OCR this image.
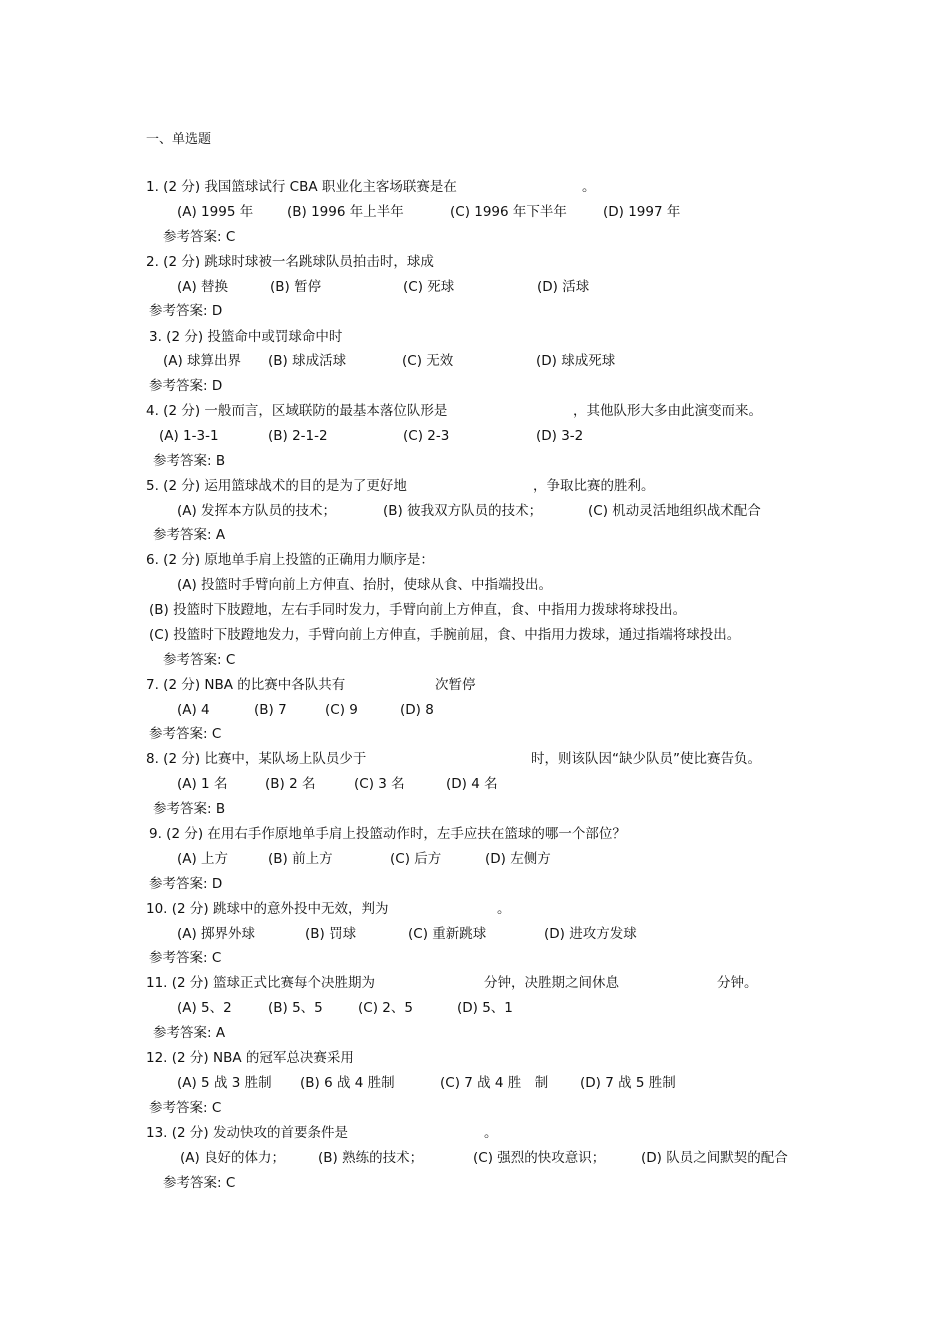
一、单选题
1. (2 分) 我国篮球试行 CBA 职业化主客场联赛是在	。
(A) 1995 年	(B) 1996 年上半年	(C) 1996 年下半年	(D) 1997 年
参考答案: C
2. (2 分) 跳球时球被一名跳球队员拍击时，球成
(A) 替换	(B) 暂停	(C) 死球	(D) 活球
参考答案: D
3. (2 分) 投篮命中或罚球命中时
(A) 球算出界 (B) 球成活球	(C) 无效	(D) 球成死球
参考答案: D
4. (2 分) 一般而言，区域联防的最基本落位队形是	，其他队形大多由此演变而来。
(A) 1-3-1	(B) 2-1-2	(C) 2-3	(D) 3-2
参考答案: B
5. (2 分) 运用篮球战术的目的是为了更好地	，争取比赛的胜利。
(A) 发挥本方队员的技术；	(B) 彼我双方队员的技术；	(C) 机动灵活地组织战术配合
参考答案: A
6. (2 分) 原地单手肩上投篮的正确用力顺序是：
(A) 投篮时手臂向前上方伸直、抬肘，使球从食、中指端投出。
(B) 投篮时下肢蹬地，左右手同时发力，手臂向前上方伸直，食、中指用力拨球将球投出。
(C) 投篮时下肢蹬地发力，手臂向前上方伸直，手腕前屈，食、中指用力拨球，通过指端将球投出。
参考答案: C
7. (2 分) NBA 的比赛中各队共有	次暂停
(A) 4	(B) 7	(C) 9	(D) 8
参考答案: C
8. (2 分) 比赛中，某队场上队员少于	时，则该队因“缺少队员”使比赛告负。
(A) 1 名	(B) 2 名	(C) 3 名	(D) 4 名
参考答案: B
9. (2 分) 在用右手作原地单手肩上投篮动作时，左手应扶在篮球的哪一个部位？
(A) 上方	(B) 前上方	(C) 后方	(D) 左侧方
参考答案: D
10. (2 分) 跳球中的意外投中无效，判为	。
(A) 掷界外球	(B) 罚球	(C) 重新跳球	(D) 进攻方发球
参考答案: C
11. (2 分) 篮球正式比赛每个决胜期为	分钟，决胜期之间休息	分钟。
(A) 5、2	(B) 5、5	(C) 2、5	(D) 5、1
参考答案: A
12. (2 分) NBA 的冠军总决赛采用
(A) 5 战 3 胜制 (B) 6 战 4 胜制	(C) 7 战 4 胜　制 (D) 7 战 5 胜制
参考答案: C
13. (2 分) 发动快攻的首要条件是	。
(A) 良好的体力； (B) 熟练的技术；	(C) 强烈的快攻意识；	(D) 队员之间默契的配合
参考答案: C
